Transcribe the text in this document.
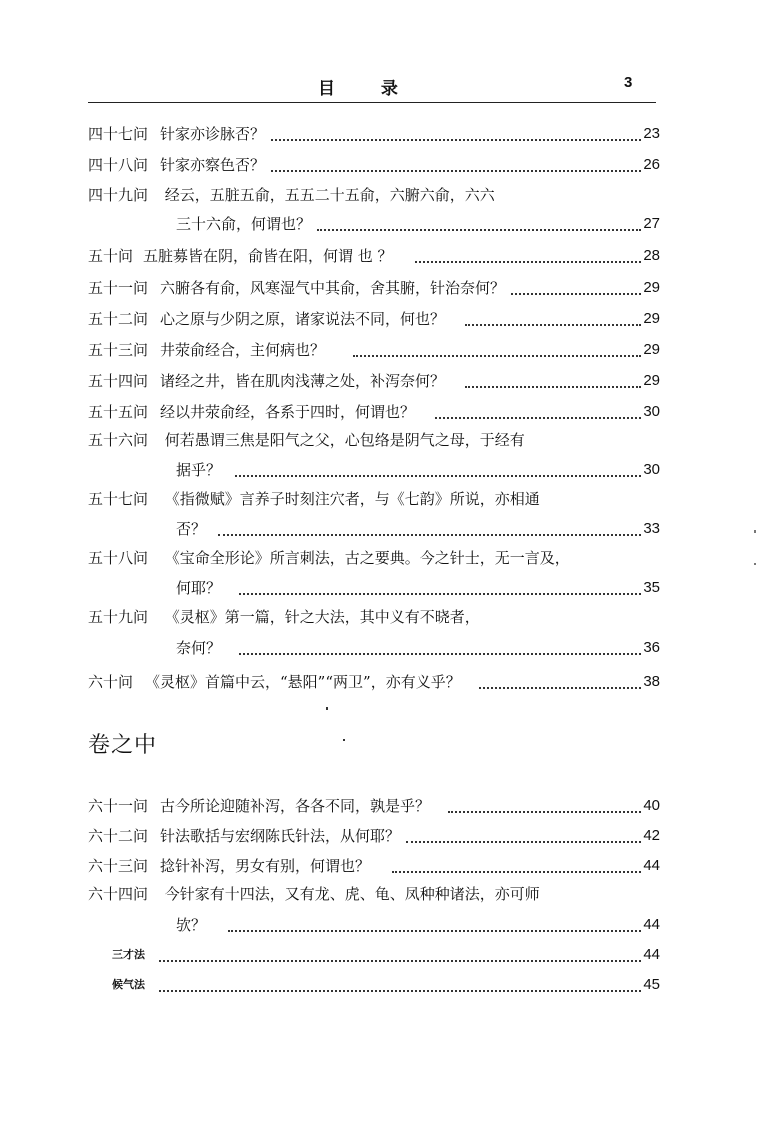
目 录	3
四十七问 针家亦诊脉否？	23
四十八问 针家亦察色否？	26
四十九问 经云，五脏五俞，五五二十五俞，六腑六俞，六六
三十六俞，何谓也？	27
五十问 五脏募皆在阴，俞皆在阳，何谓 也 ？	28
五十一问 六腑各有俞，风寒湿气中其俞，舍其腑，针治奈何？	29
五十二问 心之原与少阴之原，诸家说法不同，何也？	29
五十三问 井荥俞经合，主何病也？	29
五十四问 诸经之井，皆在肌肉浅薄之处，补泻奈何？	29
五十五问 经以井荥俞经，各系于四时，何谓也？	30
五十六问 何若愚谓三焦是阳气之父，心包络是阴气之母，于经有
据乎？	30
五十七问 《指微赋》言养子时刻注穴者，与《七韵》所说，亦相通
否？	33
五十八问 《宝命全形论》所言刺法，古之要典。今之针士，无一言及，
何耶？	35
五十九问 《灵枢》第一篇，针之大法，其中义有不晓者，
奈何？	36
六十问 《灵枢》首篇中云，“悬阳”“两卫”，亦有义乎？	38
卷之中
六十一问 古今所论迎随补泻，各各不同，孰是乎？	40
六十二问 针法歌括与宏纲陈氏针法，从何耶？	42
六十三问 捻针补泻，男女有别，何谓也？	44
六十四问 今针家有十四法，又有龙、虎、龟、凤种种诸法，亦可师
欤？	44
三才法	44
候气法	45
